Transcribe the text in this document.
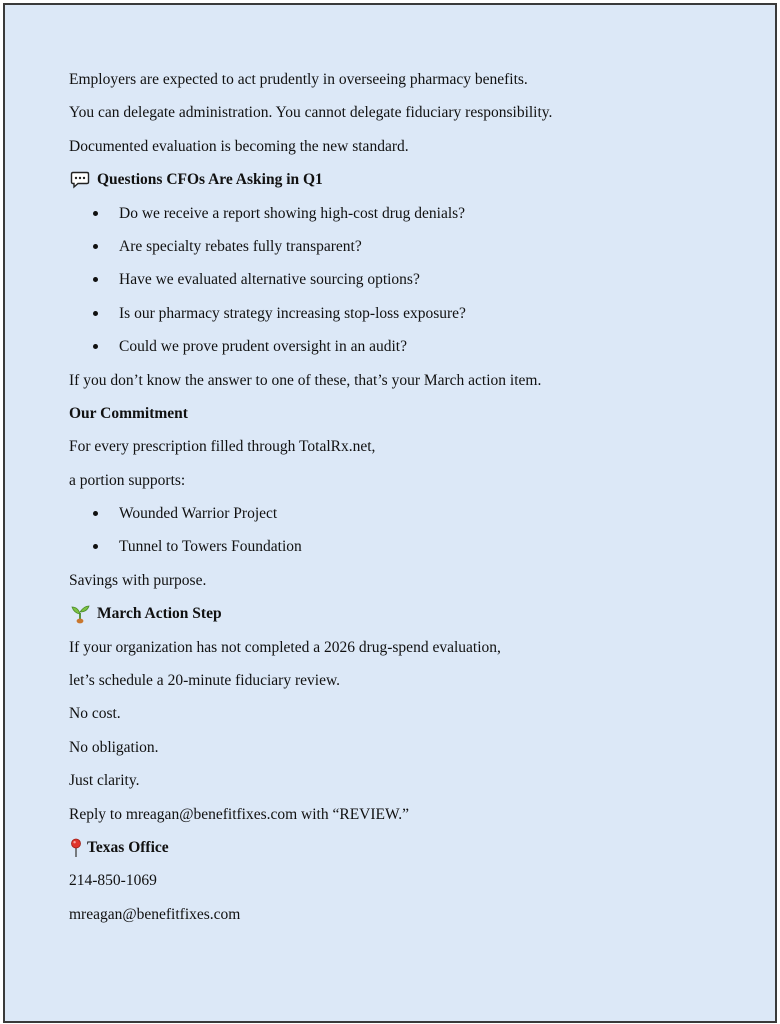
Employers are expected to act prudently in overseeing pharmacy benefits.
You can delegate administration. You cannot delegate fiduciary responsibility.
Documented evaluation is becoming the new standard.
Questions CFOs Are Asking in Q1
Do we receive a report showing high-cost drug denials?
Are specialty rebates fully transparent?
Have we evaluated alternative sourcing options?
Is our pharmacy strategy increasing stop-loss exposure?
Could we prove prudent oversight in an audit?
If you don’t know the answer to one of these, that’s your March action item.
Our Commitment
For every prescription filled through TotalRx.net,
a portion supports:
Wounded Warrior Project
Tunnel to Towers Foundation
Savings with purpose.
March Action Step
If your organization has not completed a 2026 drug-spend evaluation,
let’s schedule a 20-minute fiduciary review.
No cost.
No obligation.
Just clarity.
Reply to mreagan@benefitfixes.com with “REVIEW.”
Texas Office
214-850-1069
mreagan@benefitfixes.com
